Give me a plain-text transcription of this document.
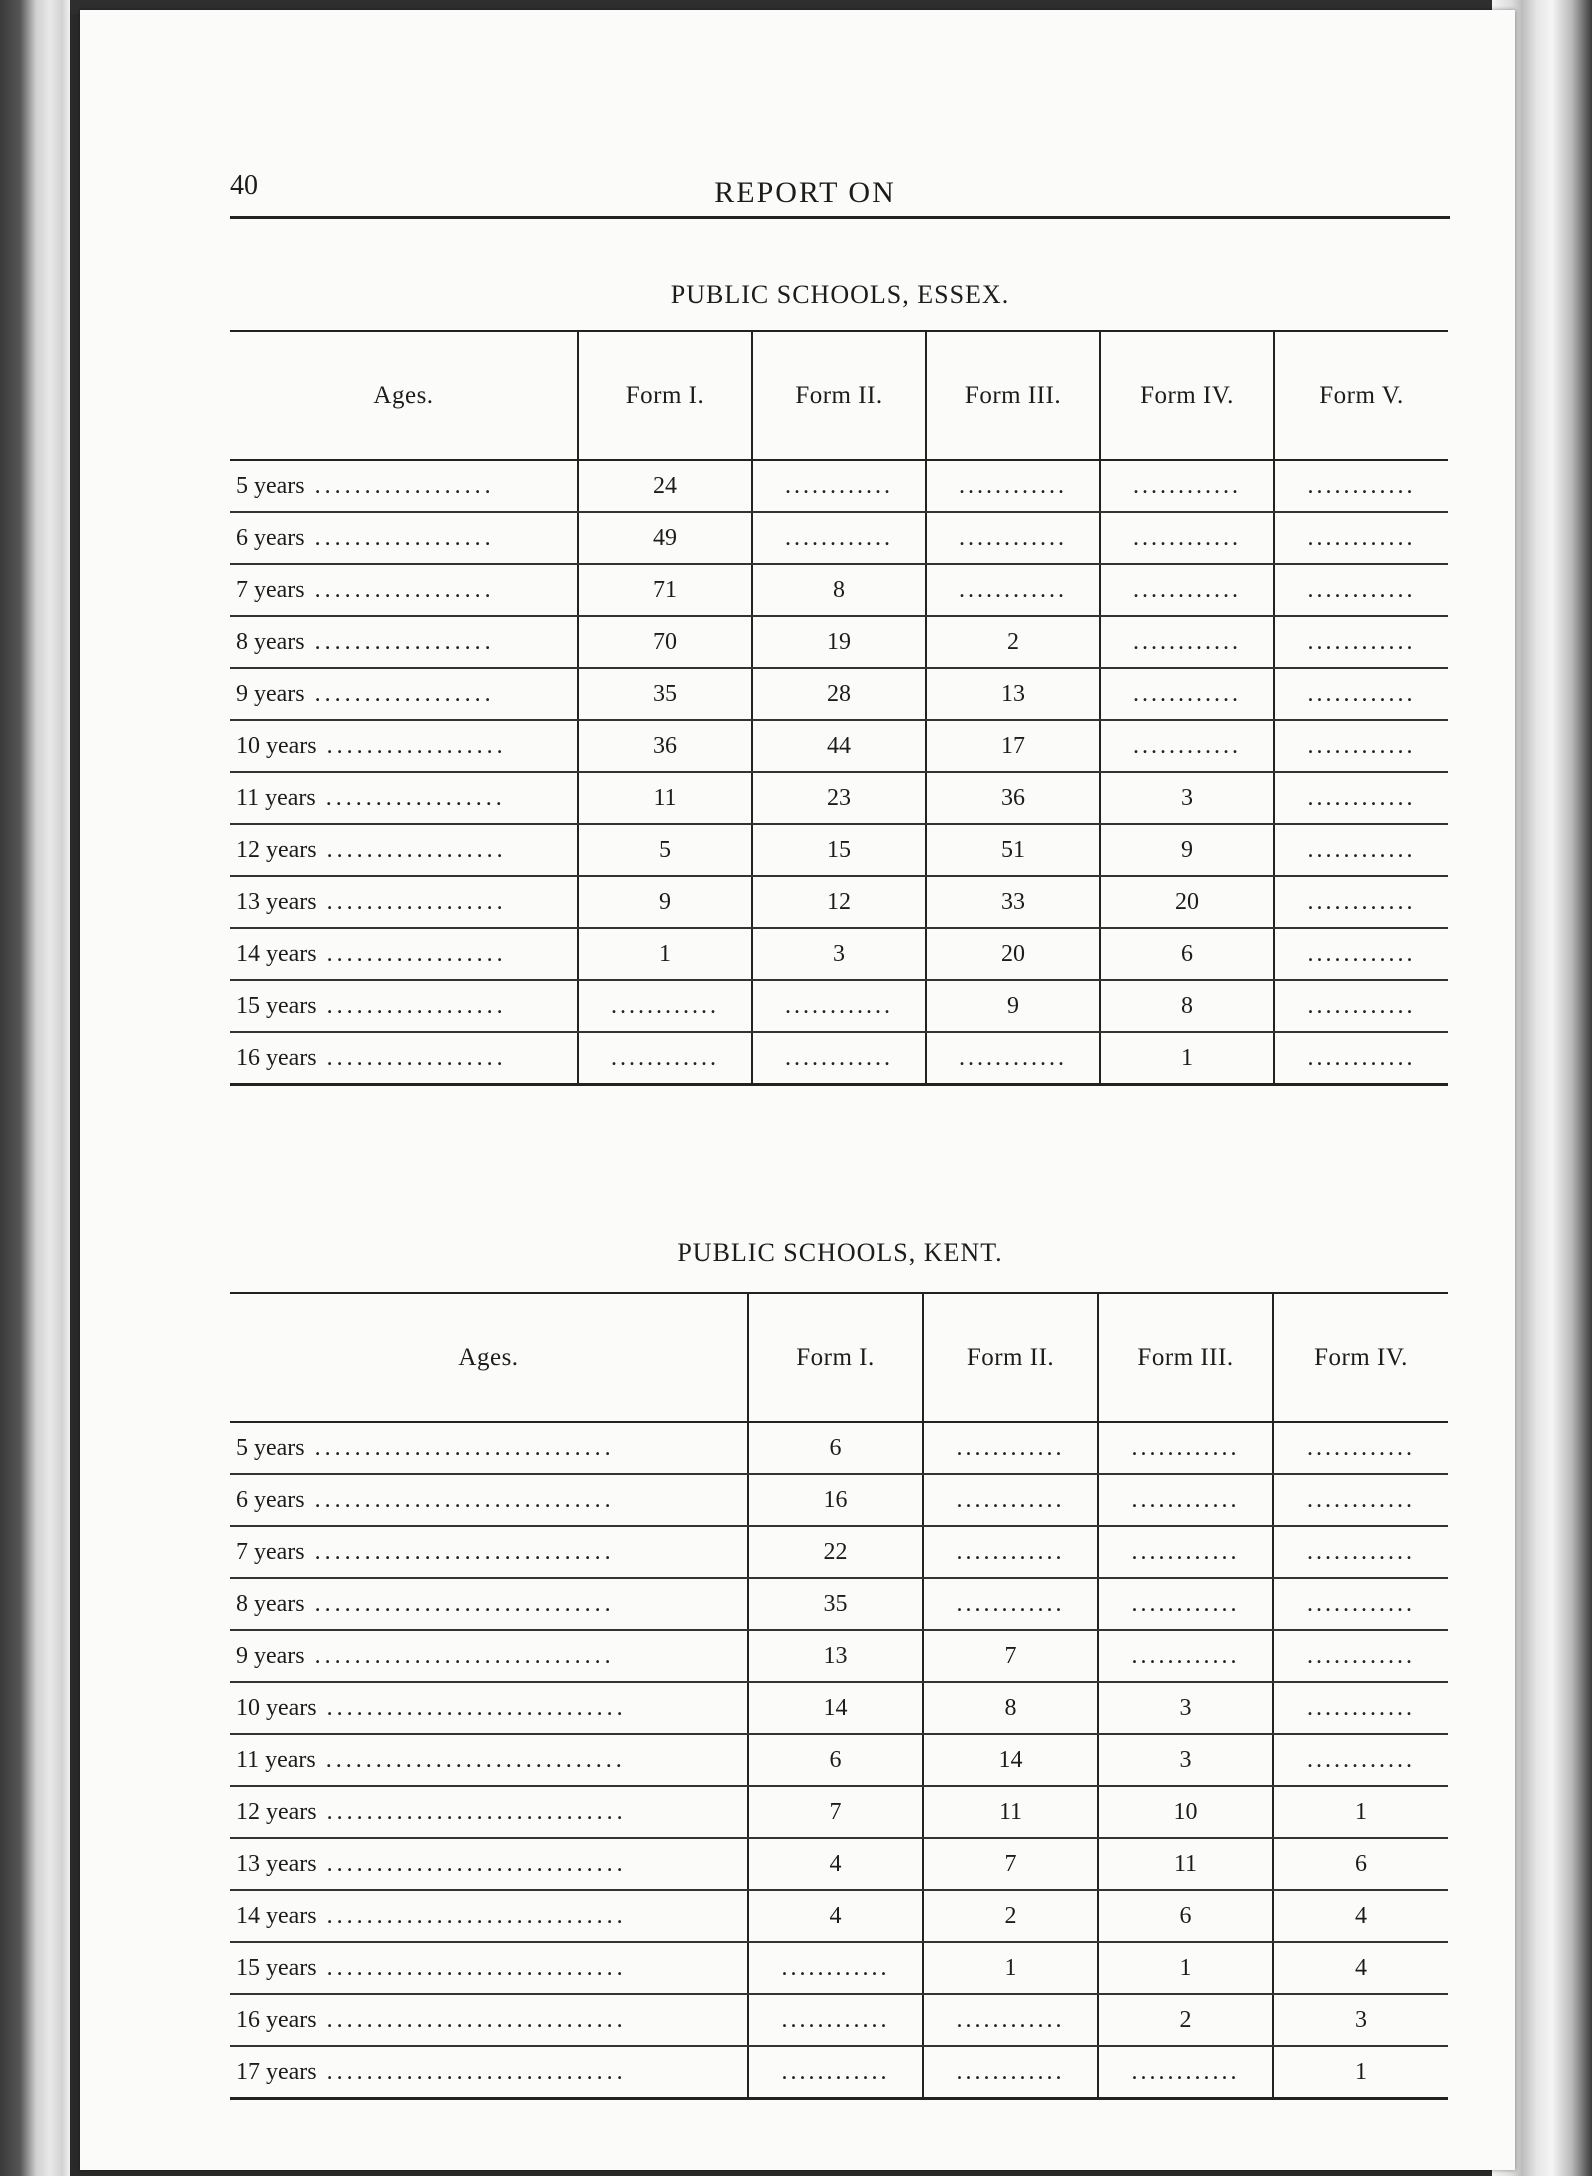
40	REPORT ON
PUBLIC SCHOOLS, ESSEX.
Ages.	Form I.	Form II.	Form III.	Form IV.	Form V.
5 years ..................	24	............	............	............	............
6 years ..................	49	............	............	............	............
7 years ..................	71	8	............	............	............
8 years ..................	70	19	2	............	............
9 years ..................	35	28	13	............	............
10 years ..................	36	44	17	............	............
11 years ..................	11	23	36	3	............
12 years ..................	5	15	51	9	............
13 years ..................	9	12	33	20	............
14 years ..................	1	3	20	6	............
15 years ..................	............	............	9	8	............
16 years ..................	............	............	............	1	............
PUBLIC SCHOOLS, KENT.
Ages.	Form I.	Form II.	Form III.	Form IV.
5 years ..............................	6	............	............	............
6 years ..............................	16	............	............	............
7 years ..............................	22	............	............	............
8 years ..............................	35	............	............	............
9 years ..............................	13	7	............	............
10 years ..............................	14	8	3	............
11 years ..............................	6	14	3	............
12 years ..............................	7	11	10	1
13 years ..............................	4	7	11	6
14 years ..............................	4	2	6	4
15 years ..............................	............	1	1	4
16 years ..............................	............	............	2	3
17 years ..............................	............	............	............	1
